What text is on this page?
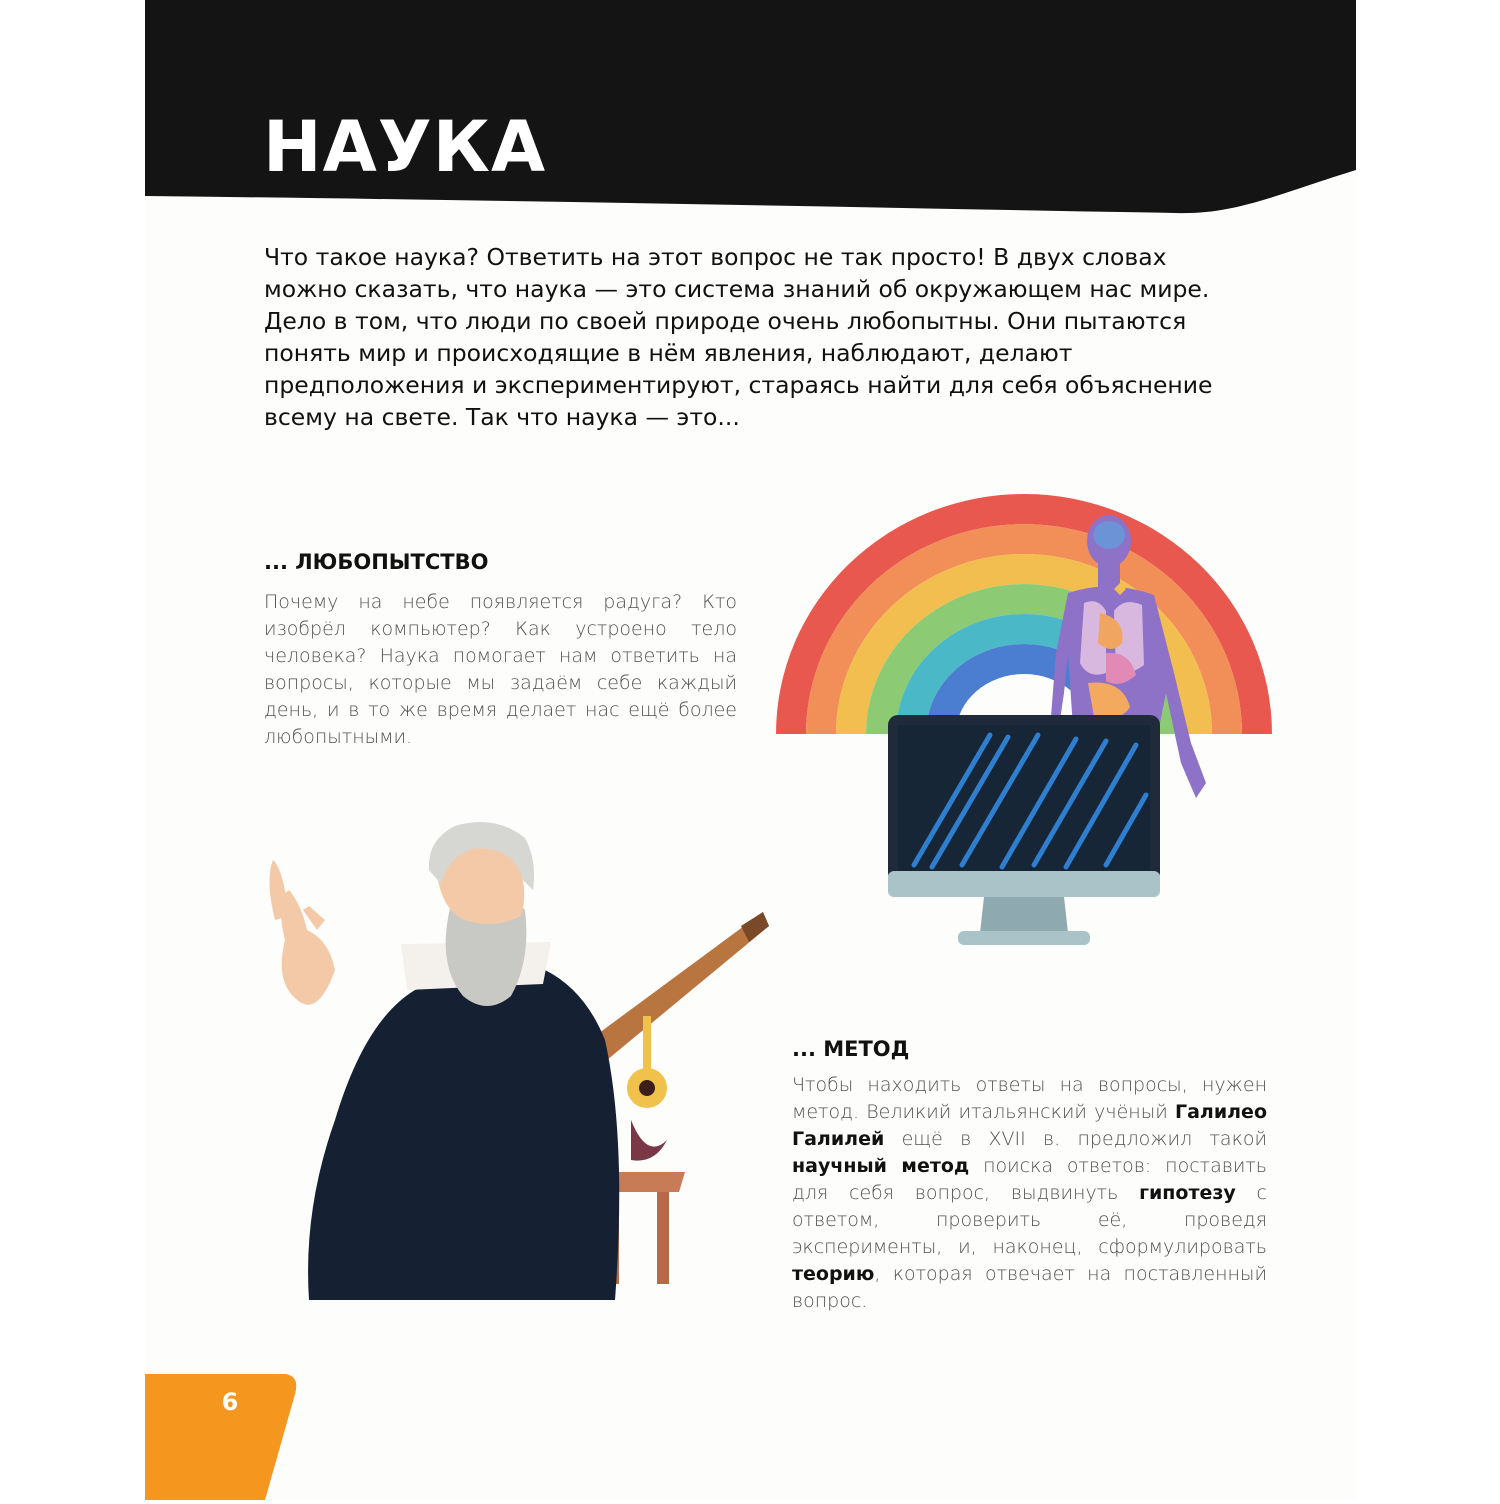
НАУКА

Что такое наука? Ответить на этот вопрос не так просто! В двух словах можно сказать, что наука — это система знаний об окружающем нас мире. Дело в том, что люди по своей природе очень любопытны. Они пытаются понять мир и происходящие в нём явления, наблюдают, делают предположения и экспериментируют, стараясь найти для себя объяснение всему на свете. Так что наука — это...

... ЛЮБОПЫТСТВО

Почему на небе появляется радуга? Кто изобрёл компьютер? Как устроено тело человека? Наука помогает нам ответить на вопросы, которые мы задаём себе каждый день, и в то же время делает нас ещё более любопытными.

... МЕТОД

Чтобы находить ответы на вопросы, нужен метод. Великий итальянский учёный Галилео Галилей ещё в XVII в. предложил такой научный метод поиска ответов: поставить для себя вопрос, выдвинуть гипотезу с ответом, проверить её, проведя эксперименты, и, наконец, сформулировать теорию, которая отвечает на поставленный вопрос.

6
